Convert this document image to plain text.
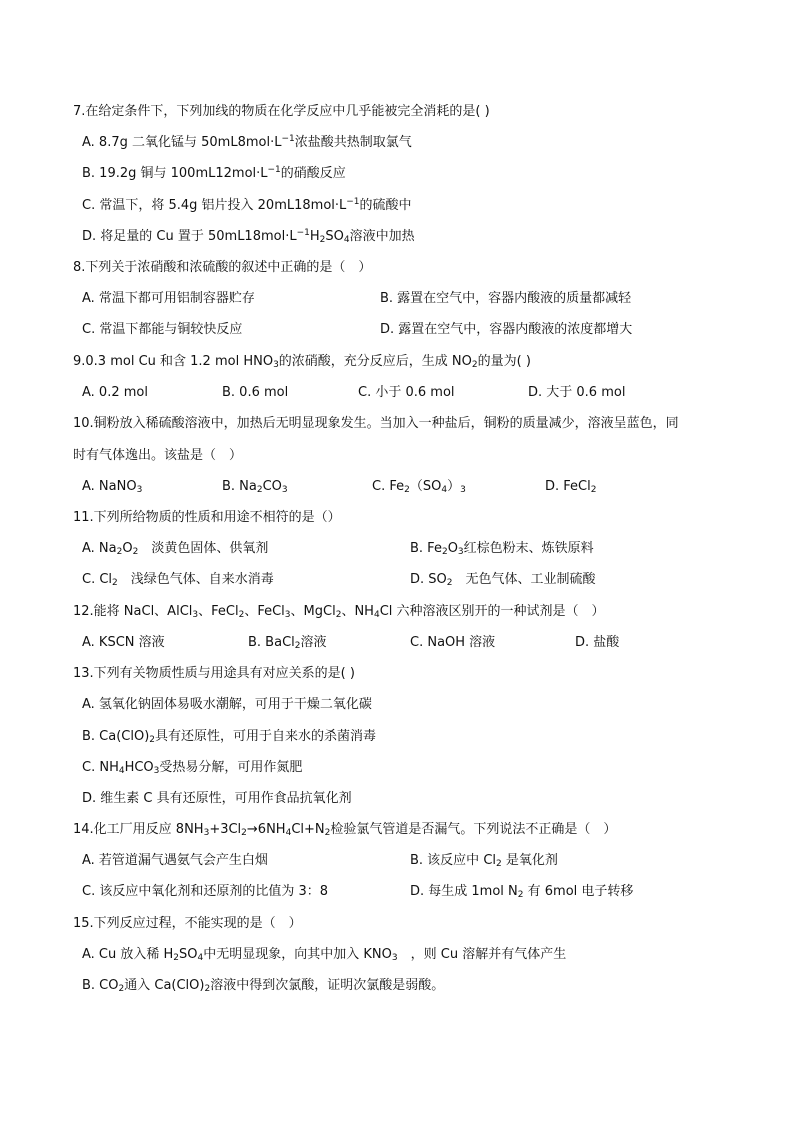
7.在给定条件下，下列加线的物质在化学反应中几乎能被完全消耗的是( )
A. 8.7g 二氧化锰与 $50mL8mol\cdot L^{-1}$浓盐酸共热制取氯气
B. 19.2g 铜与 $100mL12mol\cdot L^{-1}$的硝酸反应
C. 常温下，将 5.4g 铝片投入 $20mL18mol\cdot L^{-1}$的硫酸中
D. 将足量的 Cu 置于 $50mL18mol\cdot L^{-1}H_2SO_4$溶液中加热
8.下列关于浓硝酸和浓硫酸的叙述中正确的是（　）
A. 常温下都可用铝制容器贮存	B. 露置在空气中，容器内酸液的质量都减轻
C. 常温下都能与铜较快反应	D. 露置在空气中，容器内酸液的浓度都增大
9.0.3 mol Cu 和含 1.2 mol $HNO_3$的浓硝酸，充分反应后，生成 $NO_2$的量为( )
A. 0.2 mol	B. 0.6 mol	C. 小于 0.6 mol	D. 大于 0.6 mol
10.铜粉放入稀硫酸溶液中，加热后无明显现象发生。当加入一种盐后，铜粉的质量减少，溶液呈蓝色，同
时有气体逸出。该盐是（　）
A. NaNO$_3$	B. $Na_2CO_3$	C. $Fe_2(SO_4)_3$	D. FeCl$_2$
11.下列所给物质的性质和用途不相符的是（）
A. $Na_2O_2$　淡黄色固体、供氧剂	B. $Fe_2O_3$红棕色粉末、炼铁原料
C. $Cl_2$　浅绿色气体、自来水消毒	D. $SO_2$　无色气体、工业制硫酸
12.能将 NaCl、AlCl$_3$、FeCl$_2$、FeCl$_3$、MgCl$_2$、$NH_4Cl$ 六种溶液区别开的一种试剂是（　）
A. KSCN 溶液	B. BaCl$_2$溶液	C. NaOH 溶液	D. 盐酸
13.下列有关物质性质与用途具有对应关系的是( )
A. 氢氧化钠固体易吸水潮解，可用于干燥二氧化碳
B. $Ca(ClO)_2$具有还原性，可用于自来水的杀菌消毒
C. $NH_4HCO_3$受热易分解，可用作氮肥
D. 维生素 C 具有还原性，可用作食品抗氧化剂
14.化工厂用反应 $8NH_3+3Cl_2\to 6NH_4Cl+N_2$检验氯气管道是否漏气。下列说法不正确是（　）
A. 若管道漏气遇氨气会产生白烟	B. 该反应中 $Cl_2$ 是氧化剂
C. 该反应中氧化剂和还原剂的比值为 3：8	D. 每生成 1mol $N_2$ 有 6mol 电子转移
15.下列反应过程，不能实现的是（　）
A. Cu 放入稀 $H_2SO_4$中无明显现象，向其中加入 $KNO_3$　，则 Cu 溶解并有气体产生
B. $CO_2$通入 $Ca(ClO)_2$溶液中得到次氯酸，证明次氯酸是弱酸。
